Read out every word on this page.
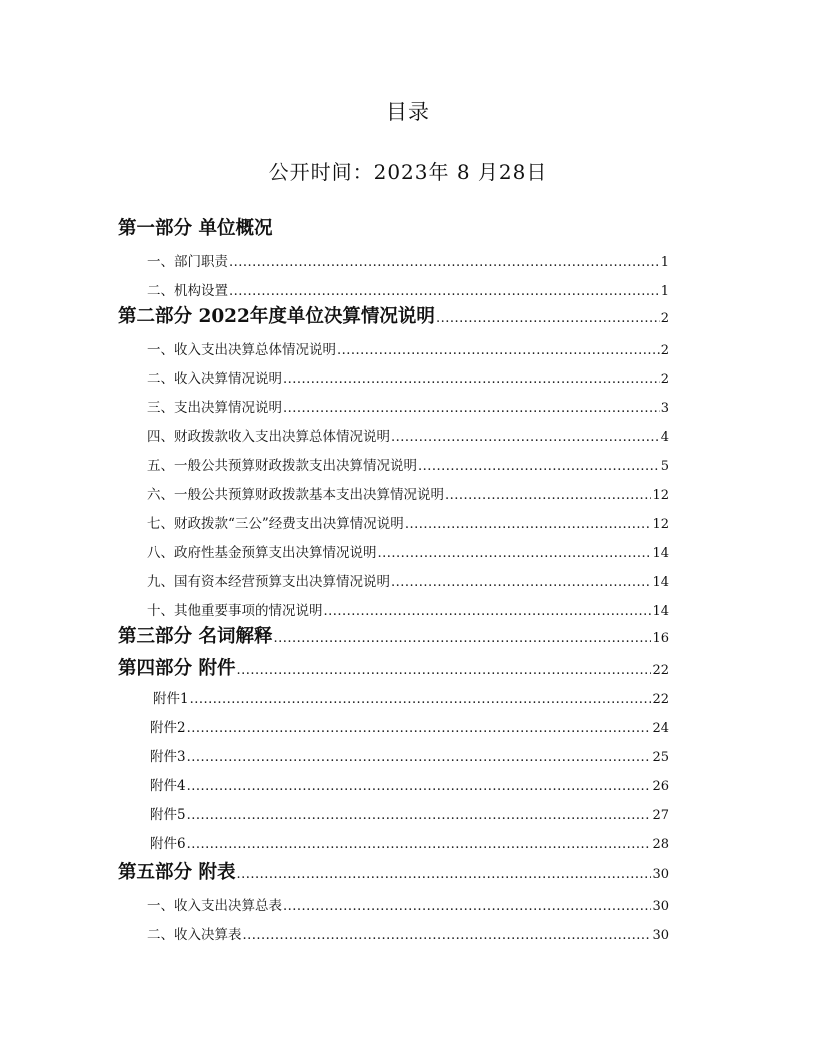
目录
公开时间：2023年 8 月28日
第一部分 单位概况
一、部门职责 .....	1
二、机构设置 .....	1
第二部分 2022年度单位决算情况说明 .....	2
一、收入支出决算总体情况说明 .....	2
二、收入决算情况说明 .....	2
三、支出决算情况说明 .....	3
四、财政拨款收入支出决算总体情况说明 .....	4
五、一般公共预算财政拨款支出决算情况说明 .....	5
六、一般公共预算财政拨款基本支出决算情况说明 .....	12
七、财政拨款“三公”经费支出决算情况说明 .....	12
八、政府性基金预算支出决算情况说明 .....	14
九、国有资本经营预算支出决算情况说明 .....	14
十、其他重要事项的情况说明 .....	14
第三部分 名词解释 .....	16
第四部分 附件 .....	22
附件1 .....	22
附件2 .....	24
附件3 .....	25
附件4 .....	26
附件5 .....	27
附件6 .....	28
第五部分 附表 .....	30
一、收入支出决算总表 .....	30
二、收入决算表 .....	30
